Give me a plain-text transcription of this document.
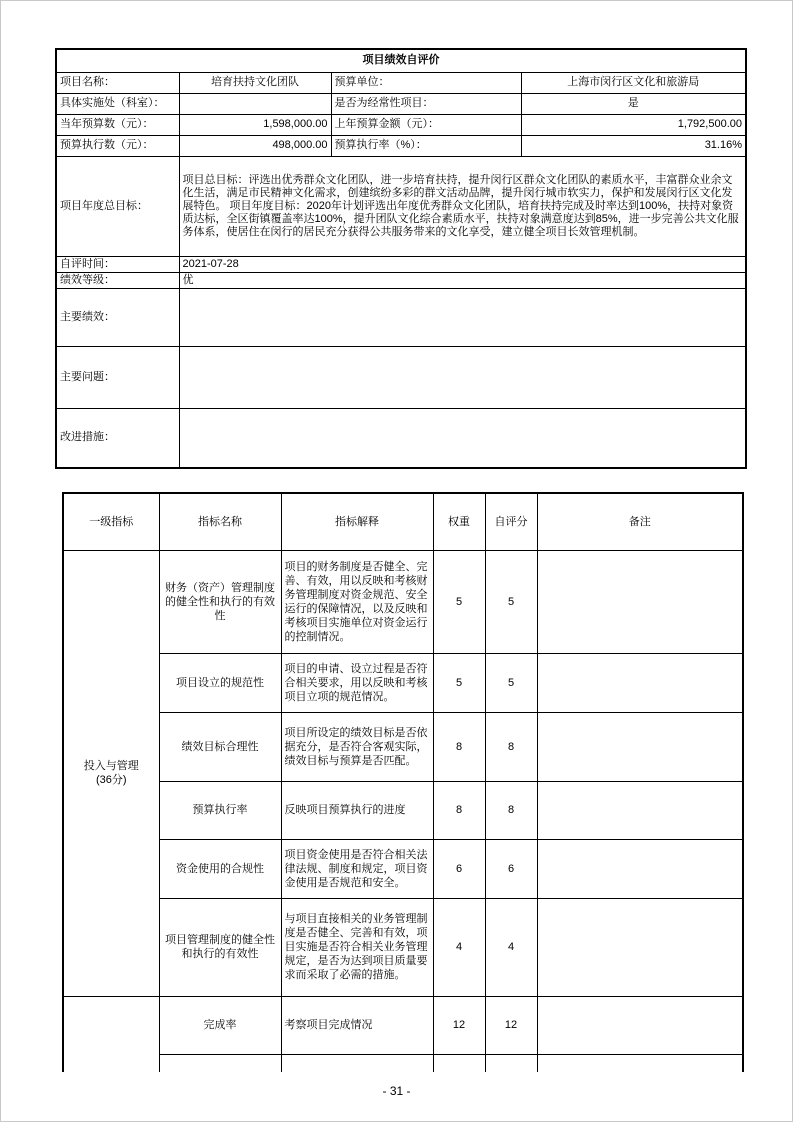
项目绩效自评价			
项目名称：	培育扶持文化团队	预算单位：	上海市闵行区文化和旅游局
具体实施处（科室）：		是否为经常性项目：	是
当年预算数（元）：	1,598,000.00	上年预算金额（元）：	1,792,500.00
预算执行数（元）：	498,000.00	预算执行率（%）：	31.16%
项目年度总目标：	项目总目标：评选出优秀群众文化团队，进一步培育扶持，提升闵行区群众文化团队的素质水平，丰富群众业余文化生活，满足市民精神文化需求，创建缤纷多彩的群文活动品牌，提升闵行城市软实力，保护和发展闵行区文化发展特色。 项目年度目标：2020年计划评选出年度优秀群众文化团队，培育扶持完成及时率达到100%，扶持对象资质达标，全区街镇覆盖率达100%，提升团队文化综合素质水平，扶持对象满意度达到85%，进一步完善公共文化服务体系，使居住在闵行的居民充分获得公共服务带来的文化享受，建立健全项目长效管理机制。		
自评时间：	2021-07-28		
绩效等级：	优		
主要绩效：			
主要问题：			
改进措施：			
一级指标	指标名称	指标解释	权重	自评分	备注

投入与管理
(36分)	财务（资产）管理制度的健全性和执行的有效性	项目的财务制度是否健全、完善、有效，用以反映和考核财务管理制度对资金规范、安全运行的保障情况，以及反映和考核项目实施单位对资金运行的控制情况。	5	5	
	项目设立的规范性	项目的申请、设立过程是否符合相关要求，用以反映和考核项目立项的规范情况。	5	5	
	绩效目标合理性	项目所设定的绩效目标是否依据充分，是否符合客观实际，绩效目标与预算是否匹配。	8	8	
	预算执行率	反映项目预算执行的进度	8	8	
	资金使用的合规性	项目资金使用是否符合相关法律法规、制度和规定，项目资金使用是否规范和安全。	6	6	
	项目管理制度的健全性和执行的有效性	与项目直接相关的业务管理制度是否健全、完善和有效，项目实施是否符合相关业务管理规定，是否为达到项目质量要求而采取了必需的措施。	4	4	
	完成率	考察项目完成情况	12	12	

- 31 -
